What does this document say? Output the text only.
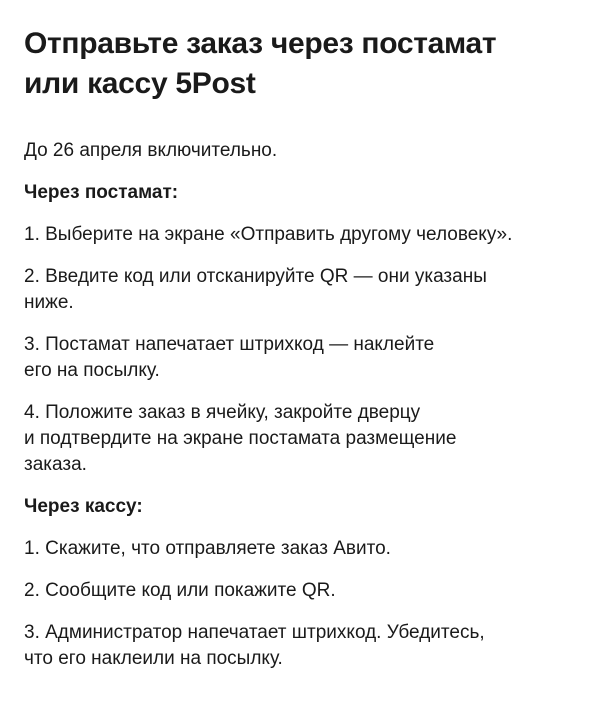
Отправьте заказ через постамат
или кассу 5Post

До 26 апреля включительно.

Через постамат:
1. Выберите на экране «Отправить другому человеку».
2. Введите код или отсканируйте QR — они указаны
ниже.
3. Постамат напечатает штрихкод — наклейте
его на посылку.
4. Положите заказ в ячейку, закройте дверцу
и подтвердите на экране постамата размещение
заказа.
Через кассу:
1. Скажите, что отправляете заказ Авито.
2. Сообщите код или покажите QR.
3. Администратор напечатает штрихкод. Убедитесь,
что его наклеили на посылку.
